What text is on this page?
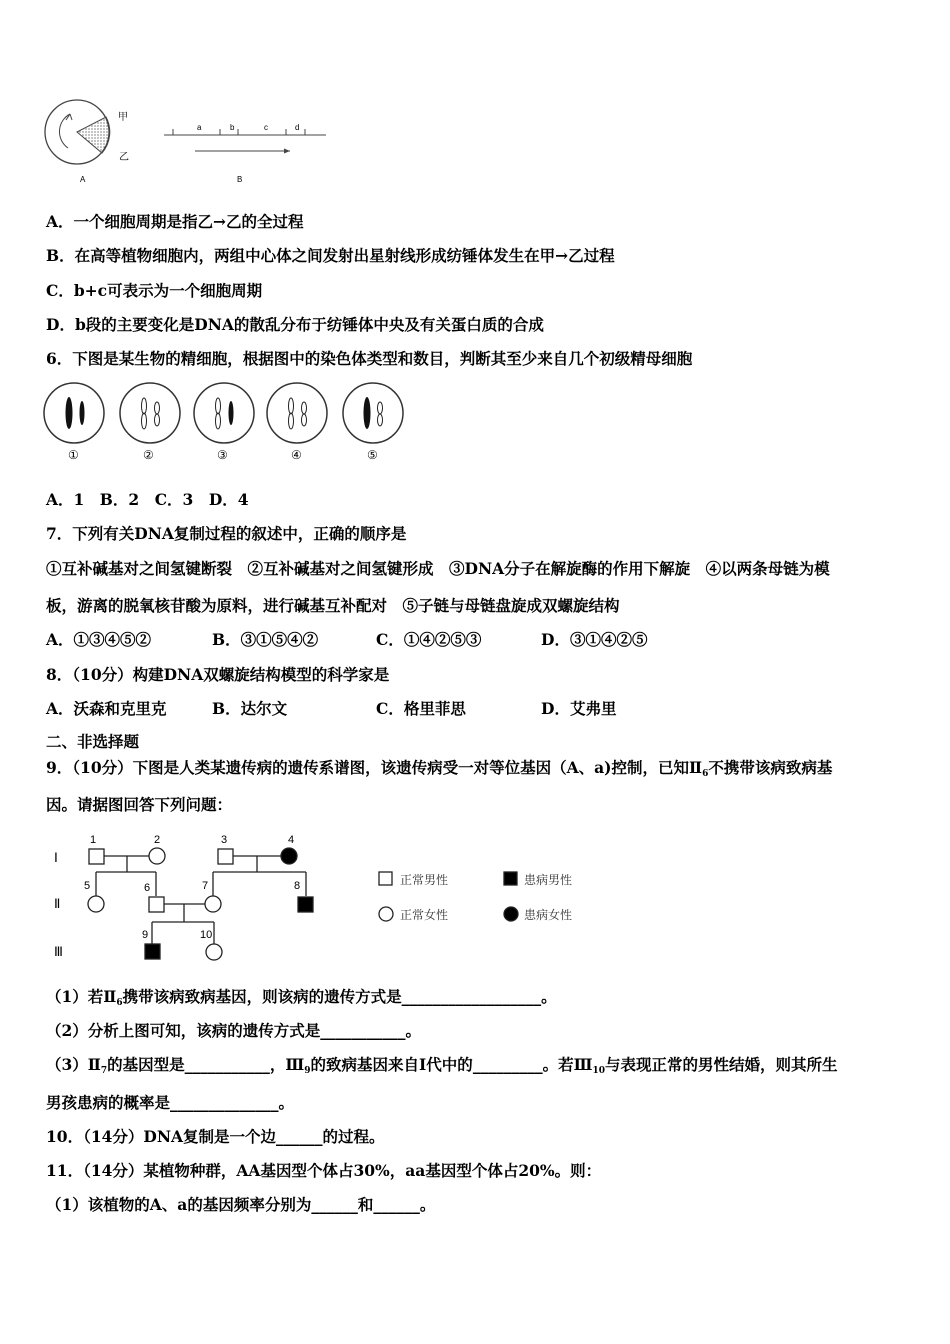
甲
乙
A
a	b	c	d
B
A．一个细胞周期是指乙→乙的全过程
B．在高等植物细胞内，两组中心体之间发射出星射线形成纺锤体发生在甲→乙过程
C．b+c可表示为一个细胞周期
D．b段的主要变化是DNA的散乱分布于纺锤体中央及有关蛋白质的合成
6．下图是某生物的精细胞，根据图中的染色体类型和数目，判断其至少来自几个初级精母细胞
①	②	③	④	⑤
A．1　B．2　C．3　D．4
7．下列有关DNA复制过程的叙述中，正确的顺序是
①互补碱基对之间氢键断裂　②互补碱基对之间氢键形成　③DNA分子在解旋酶的作用下解旋　④以两条母链为模
板，游离的脱氧核苷酸为原料，进行碱基互补配对　⑤子链与母链盘旋成双螺旋结构
A．①③④⑤②	B．③①⑤④②	C．①④②⑤③	D．③①④②⑤
8．（10分）构建DNA双螺旋结构模型的科学家是
A．沃森和克里克	B．达尔文	C．格里菲思	D．艾弗里
二、非选择题
9．（10分）下图是人类某遗传病的遗传系谱图，该遗传病受一对等位基因（A、a)控制，已知$Ⅱ_6$不携带该病致病基
因。请据图回答下列问题：
Ⅰ
Ⅱ
Ⅲ
1	2	3	4
5	6	7	8
9	10
正常男性	患病男性
正常女性	患病女性
（1）若$Ⅱ_6$携带该病致病基因，则该病的遗传方式是__________________。
（2）分析上图可知，该病的遗传方式是___________。
$(3)Ⅱ_7$的基因型是___________，$Ⅲ_9$的致病基因来自Ⅰ代中的_________。若$Ⅲ_{10}$与表现正常的男性结婚，则其所生
男孩患病的概率是______________。
10．（14分）DNA复制是一个边______的过程。
11．（14分）某植物种群，AA基因型个体占30%，aa基因型个体占20%。则：
（1）该植物的A、a的基因频率分别为______和______。
